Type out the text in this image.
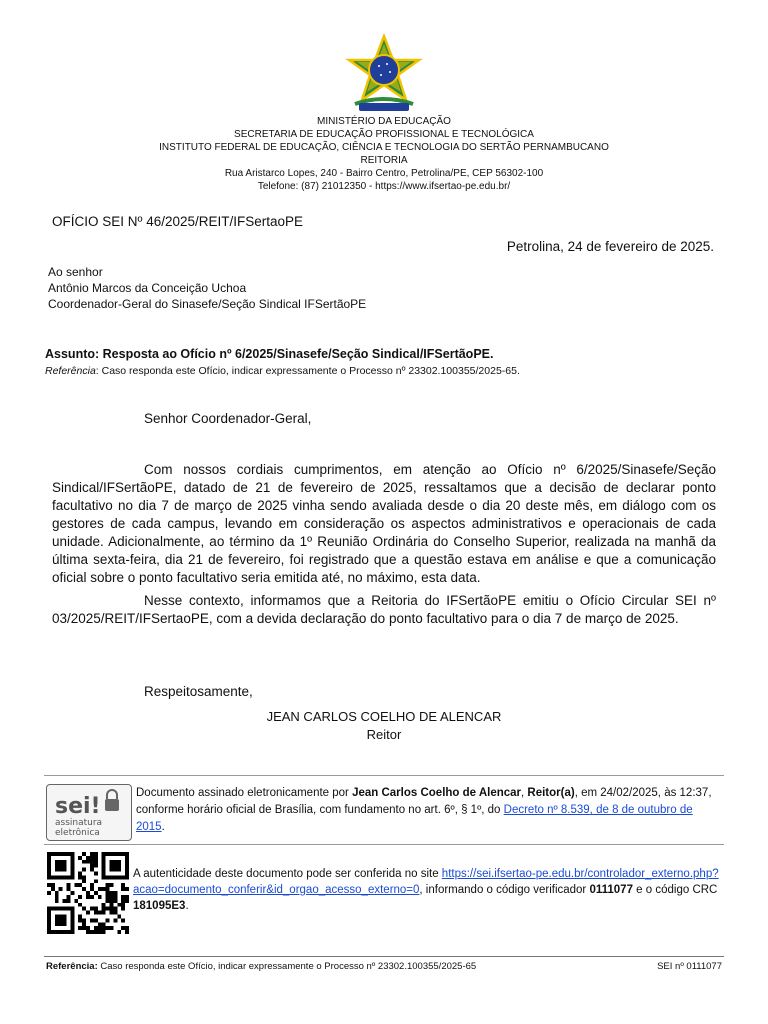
MINISTÉRIO DA EDUCAÇÃO
SECRETARIA DE EDUCAÇÃO PROFISSIONAL E TECNOLÓGICA
INSTITUTO FEDERAL DE EDUCAÇÃO, CIÊNCIA E TECNOLOGIA DO SERTÃO PERNAMBUCANO
REITORIA
Rua Aristarco Lopes, 240 - Bairro Centro, Petrolina/PE, CEP 56302-100
Telefone: (87) 21012350 - https://www.ifsertao-pe.edu.br/
OFÍCIO SEI Nº 46/2025/REIT/IFSertaoPE
Petrolina, 24 de fevereiro de 2025.
Ao senhor
Antônio Marcos da Conceição Uchoa
Coordenador-Geral do Sinasefe/Seção Sindical IFSertãoPE
Assunto: Resposta ao Ofício nº 6/2025/Sinasefe/Seção Sindical/IFSertãoPE.
Referência: Caso responda este Ofício, indicar expressamente o Processo nº 23302.100355/2025-65.
Senhor Coordenador-Geral,

Com nossos cordiais cumprimentos, em atenção ao Ofício nº 6/2025/Sinasefe/Seção Sindical/IFSertãoPE, datado de 21 de fevereiro de 2025, ressaltamos que a decisão de declarar ponto facultativo no dia 7 de março de 2025 vinha sendo avaliada desde o dia 20 deste mês, em diálogo com os gestores de cada campus, levando em consideração os aspectos administrativos e operacionais de cada unidade. Adicionalmente, ao término da 1º Reunião Ordinária do Conselho Superior, realizada na manhã da última sexta-feira, dia 21 de fevereiro, foi registrado que a questão estava em análise e que a comunicação oficial sobre o ponto facultativo seria emitida até, no máximo, esta data.

Nesse contexto, informamos que a Reitoria do IFSertãoPE emitiu o Ofício Circular SEI nº 03/2025/REIT/IFSertaoPE, com a devida declaração do ponto facultativo para o dia 7 de março de 2025.

Respeitosamente,
JEAN CARLOS COELHO DE ALENCAR
Reitor
sei!
assinatura
eletrônica
Documento assinado eletronicamente por Jean Carlos Coelho de Alencar, Reitor(a), em 24/02/2025, às 12:37, conforme horário oficial de Brasília, com fundamento no art. 6º, § 1º, do Decreto nº 8.539, de 8 de outubro de 2015.
A autenticidade deste documento pode ser conferida no site https://sei.ifsertao-pe.edu.br/controlador_externo.php?acao=documento_conferir&id_orgao_acesso_externo=0, informando o código verificador 0111077 e o código CRC 181095E3.
Referência: Caso responda este Ofício, indicar expressamente o Processo nº 23302.100355/2025-65	SEI nº 0111077
